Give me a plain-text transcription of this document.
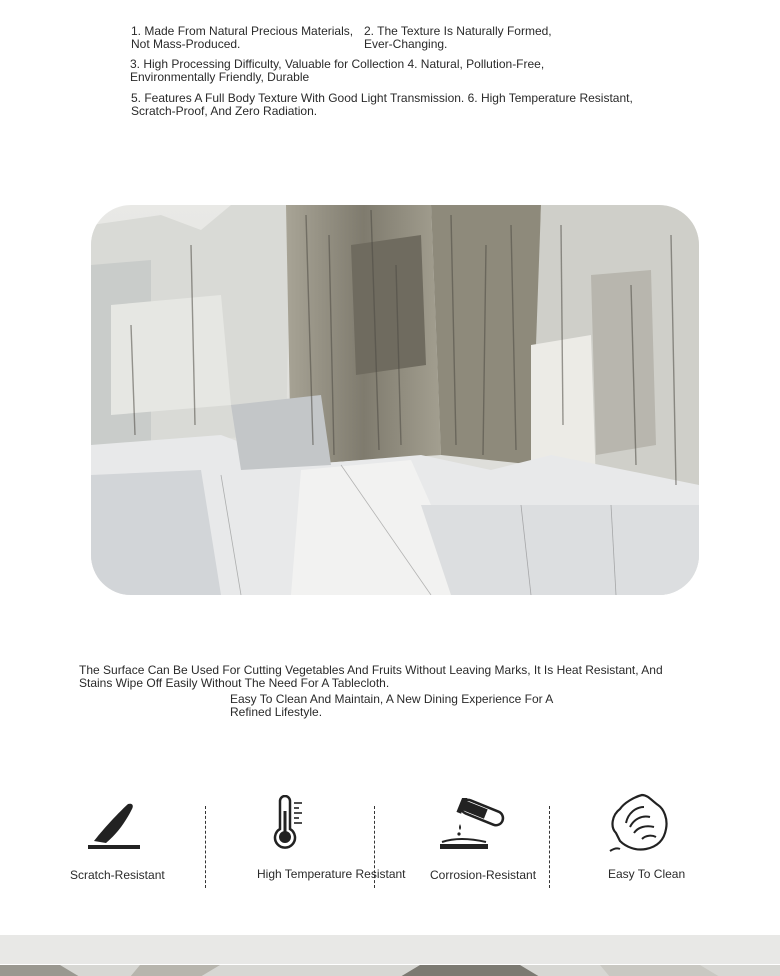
1. Made From Natural Precious Materials, Not Mass-Produced.
2. The Texture Is Naturally Formed, Ever-Changing.
3. High Processing Difficulty, Valuable for Collection 4. Natural, Pollution-Free, Environmentally Friendly, Durable
5. Features A Full Body Texture With Good Light Transmission. 6. High Temperature Resistant, Scratch-Proof, And Zero Radiation.
The Surface Can Be Used For Cutting Vegetables And Fruits Without Leaving Marks, It Is Heat Resistant, And Stains Wipe Off Easily Without The Need For A Tablecloth.
Easy To Clean And Maintain, A New Dining Experience For A Refined Lifestyle.
Scratch-Resistant	High Temperature Resistant Corrosion-Resistant	Easy To Clean
